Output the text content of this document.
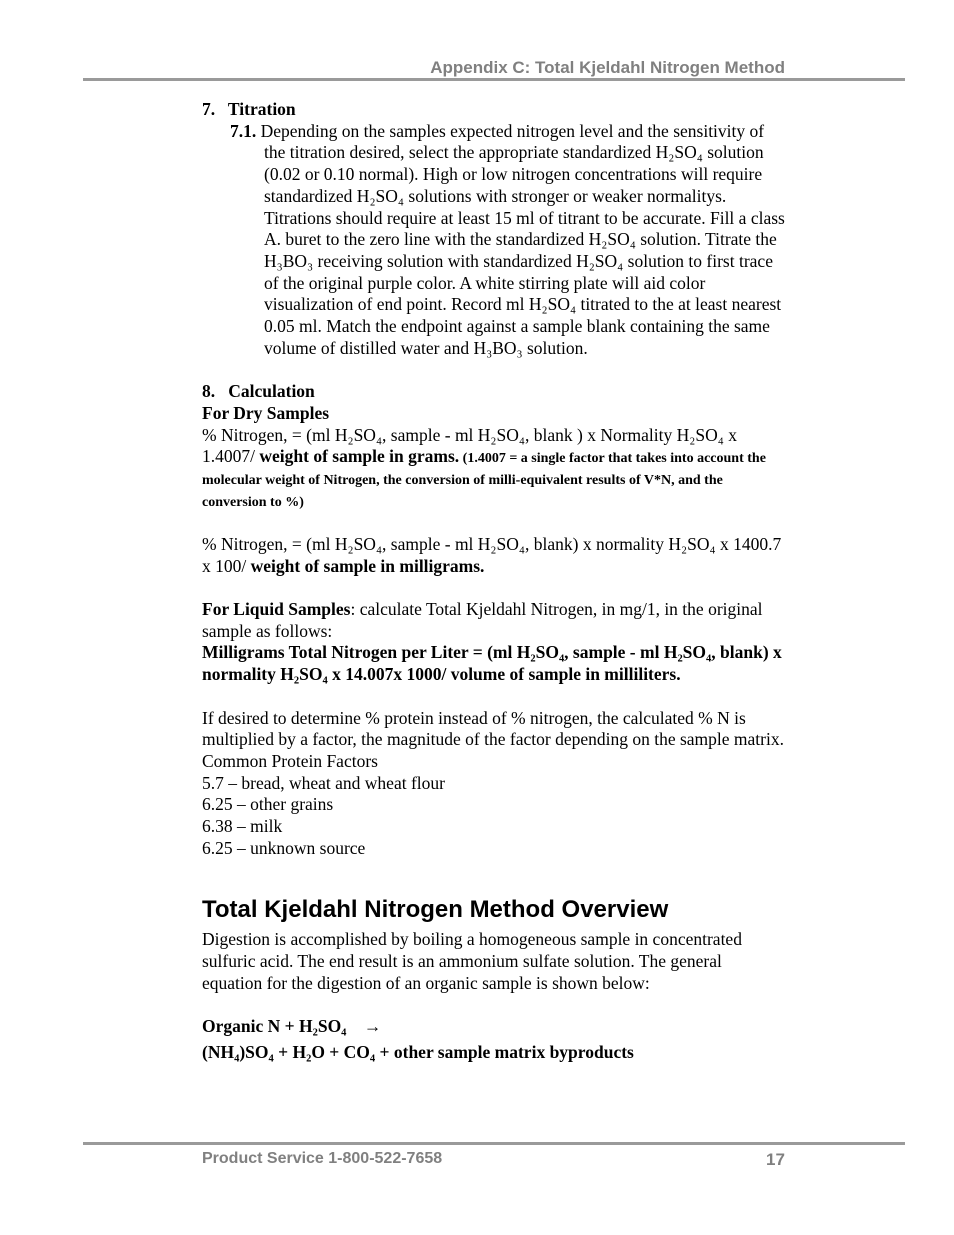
Appendix C: Total Kjeldahl Nitrogen Method
7.   Titration
7.1. Depending on the samples expected nitrogen level and the sensitivity of the titration desired, select the appropriate standardized H₂SO₄ solution (0.02 or 0.10 normal). High or low nitrogen concentrations will require standardized H₂SO₄ solutions with stronger or weaker normalitys. Titrations should require at least 15 ml of titrant to be accurate. Fill a class A. buret to the zero line with the standardized H₂SO₄ solution. Titrate the H₃BO₃ receiving solution with standardized H₂SO₄ solution to first trace of the original purple color. A white stirring plate will aid color visualization of end point. Record ml H₂SO₄ titrated to the at least nearest 0.05 ml. Match the endpoint against a sample blank containing the same volume of distilled water and H₃BO₃ solution.
8.   Calculation
For Dry Samples
% Nitrogen, = (ml H₂SO₄, sample - ml H₂SO₄, blank ) x Normality H₂SO₄ x 1.4007/ weight of sample in grams. (1.4007 = a single factor that takes into account the molecular weight of Nitrogen, the conversion of milli-equivalent results of V*N, and the conversion to %)
% Nitrogen, = (ml H₂SO₄, sample - ml H₂SO₄, blank) x normality H₂SO₄ x 1400.7 x 100/ weight of sample in milligrams.
For Liquid Samples: calculate Total Kjeldahl Nitrogen, in mg/1, in the original sample as follows:
Milligrams Total Nitrogen per Liter = (ml H₂SO₄, sample - ml H₂SO₄, blank) x normality H₂SO₄ x 14.007x 1000/ volume of sample in milliliters.
If desired to determine % protein instead of % nitrogen, the calculated % N is multiplied by a factor, the magnitude of the factor depending on the sample matrix.
Common Protein Factors
5.7 – bread, wheat and wheat flour
6.25 – other grains
6.38 – milk
6.25 – unknown source
Total Kjeldahl Nitrogen Method Overview
Digestion is accomplished by boiling a homogeneous sample in concentrated sulfuric acid. The end result is an ammonium sulfate solution. The general equation for the digestion of an organic sample is shown below:
Organic N + H₂SO₄    →
(NH₄)SO₄ + H₂O + CO₄ + other sample matrix byproducts
Product Service 1-800-522-7658	17
